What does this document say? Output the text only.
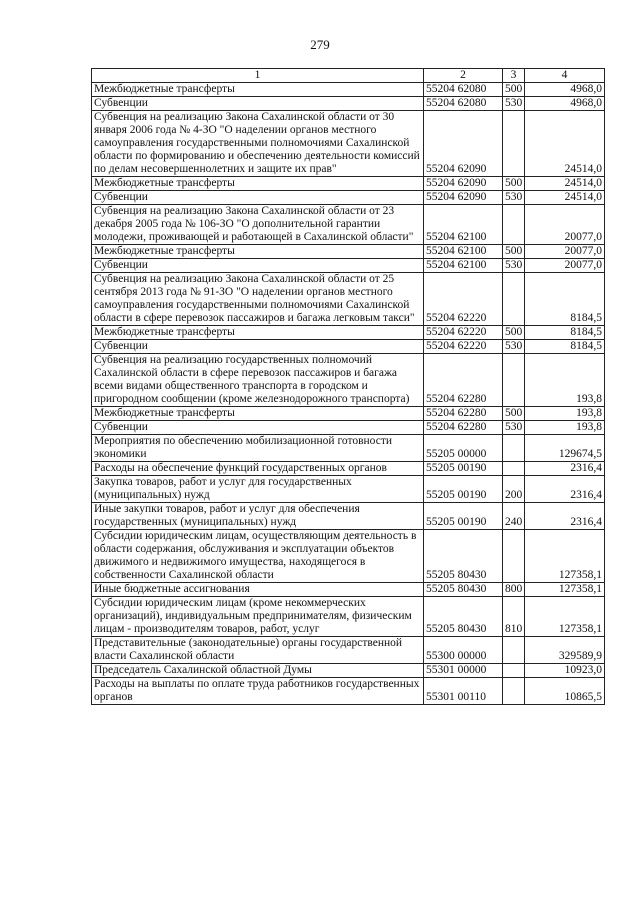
279
1	2	3	4
Межбюджетные трансферты	55204 62080	500	4968,0
Субвенции	55204 62080	530	4968,0
Субвенция на реализацию Закона Сахалинской области от 30 января 2006 года № 4-ЗО "О наделении органов местного самоуправления государственными полномочиями Сахалинской области по формированию и обеспечению деятельности комиссий по делам несовершеннолетних и защите их прав"	55204 62090		24514,0
Межбюджетные трансферты	55204 62090	500	24514,0
Субвенции	55204 62090	530	24514,0
Субвенция на реализацию Закона Сахалинской области от 23 декабря 2005 года № 106-ЗО "О дополнительной гарантии молодежи, проживающей и работающей в Сахалинской области"	55204 62100		20077,0
Межбюджетные трансферты	55204 62100	500	20077,0
Субвенции	55204 62100	530	20077,0
Субвенция на реализацию Закона Сахалинской области от 25 сентября 2013 года № 91-ЗО "О наделении органов местного самоуправления государственными полномочиями Сахалинской области в сфере перевозок пассажиров и багажа легковым такси"	55204 62220		8184,5
Межбюджетные трансферты	55204 62220	500	8184,5
Субвенции	55204 62220	530	8184,5
Субвенция на реализацию государственных полномочий Сахалинской области в сфере перевозок пассажиров и багажа всеми видами общественного транспорта в городском и пригородном сообщении (кроме железнодорожного транспорта)	55204 62280		193,8
Межбюджетные трансферты	55204 62280	500	193,8
Субвенции	55204 62280	530	193,8
Мероприятия по обеспечению мобилизационной готовности экономики	55205 00000		129674,5
Расходы на обеспечение функций государственных органов	55205 00190		2316,4
Закупка товаров, работ и услуг для государственных (муниципальных) нужд	55205 00190	200	2316,4
Иные закупки товаров, работ и услуг для обеспечения государственных (муниципальных) нужд	55205 00190	240	2316,4
Субсидии юридическим лицам, осуществляющим деятельность в области содержания, обслуживания и эксплуатации объектов движимого и недвижимого имущества, находящегося в собственности Сахалинской области	55205 80430		127358,1
Иные бюджетные ассигнования	55205 80430	800	127358,1
Субсидии юридическим лицам (кроме некоммерческих организаций), индивидуальным предпринимателям, физическим лицам - производителям товаров, работ, услуг	55205 80430	810	127358,1
Представительные (законодательные) органы государственной власти Сахалинской области	55300 00000		329589,9
Председатель Сахалинской областной Думы	55301 00000		10923,0
Расходы на выплаты по оплате труда работников государственных органов	55301 00110		10865,5
